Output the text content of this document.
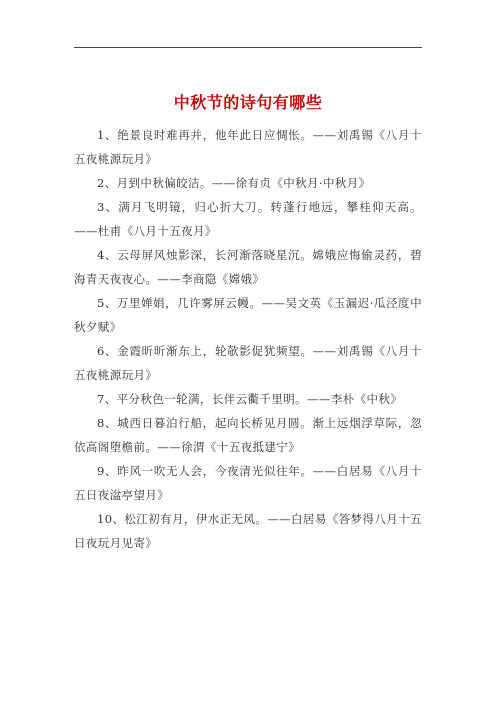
中秋节的诗句有哪些

1、绝景良时难再并，他年此日应惆怅。——刘禹锡《八月十五夜桃源玩月》

2、月到中秋偏皎洁。——徐有贞《中秋月·中秋月》

3、满月飞明镜，归心折大刀。转蓬行地远，攀桂仰天高。——杜甫《八月十五夜月》

4、云母屏风烛影深，长河渐落晓星沉。嫦娥应悔偷灵药，碧海青天夜夜心。——李商隐《嫦娥》

5、万里婵娟，几许雾屏云幔。——吴文英《玉漏迟·瓜泾度中秋夕赋》

6、金霞昕昕渐东上，轮欹影促犹频望。——刘禹锡《八月十五夜桃源玩月》

7、平分秋色一轮满，长伴云衢千里明。——李朴《中秋》

8、城西日暮泊行船，起向长桥见月圆。渐上远烟浮草际，忽依高阁堕檐前。——徐渭《十五夜抵建宁》

9、昨风一吹无人会，今夜清光似往年。——白居易《八月十五日夜湓亭望月》

10、松江初有月，伊水正无风。——白居易《答梦得八月十五日夜玩月见寄》
